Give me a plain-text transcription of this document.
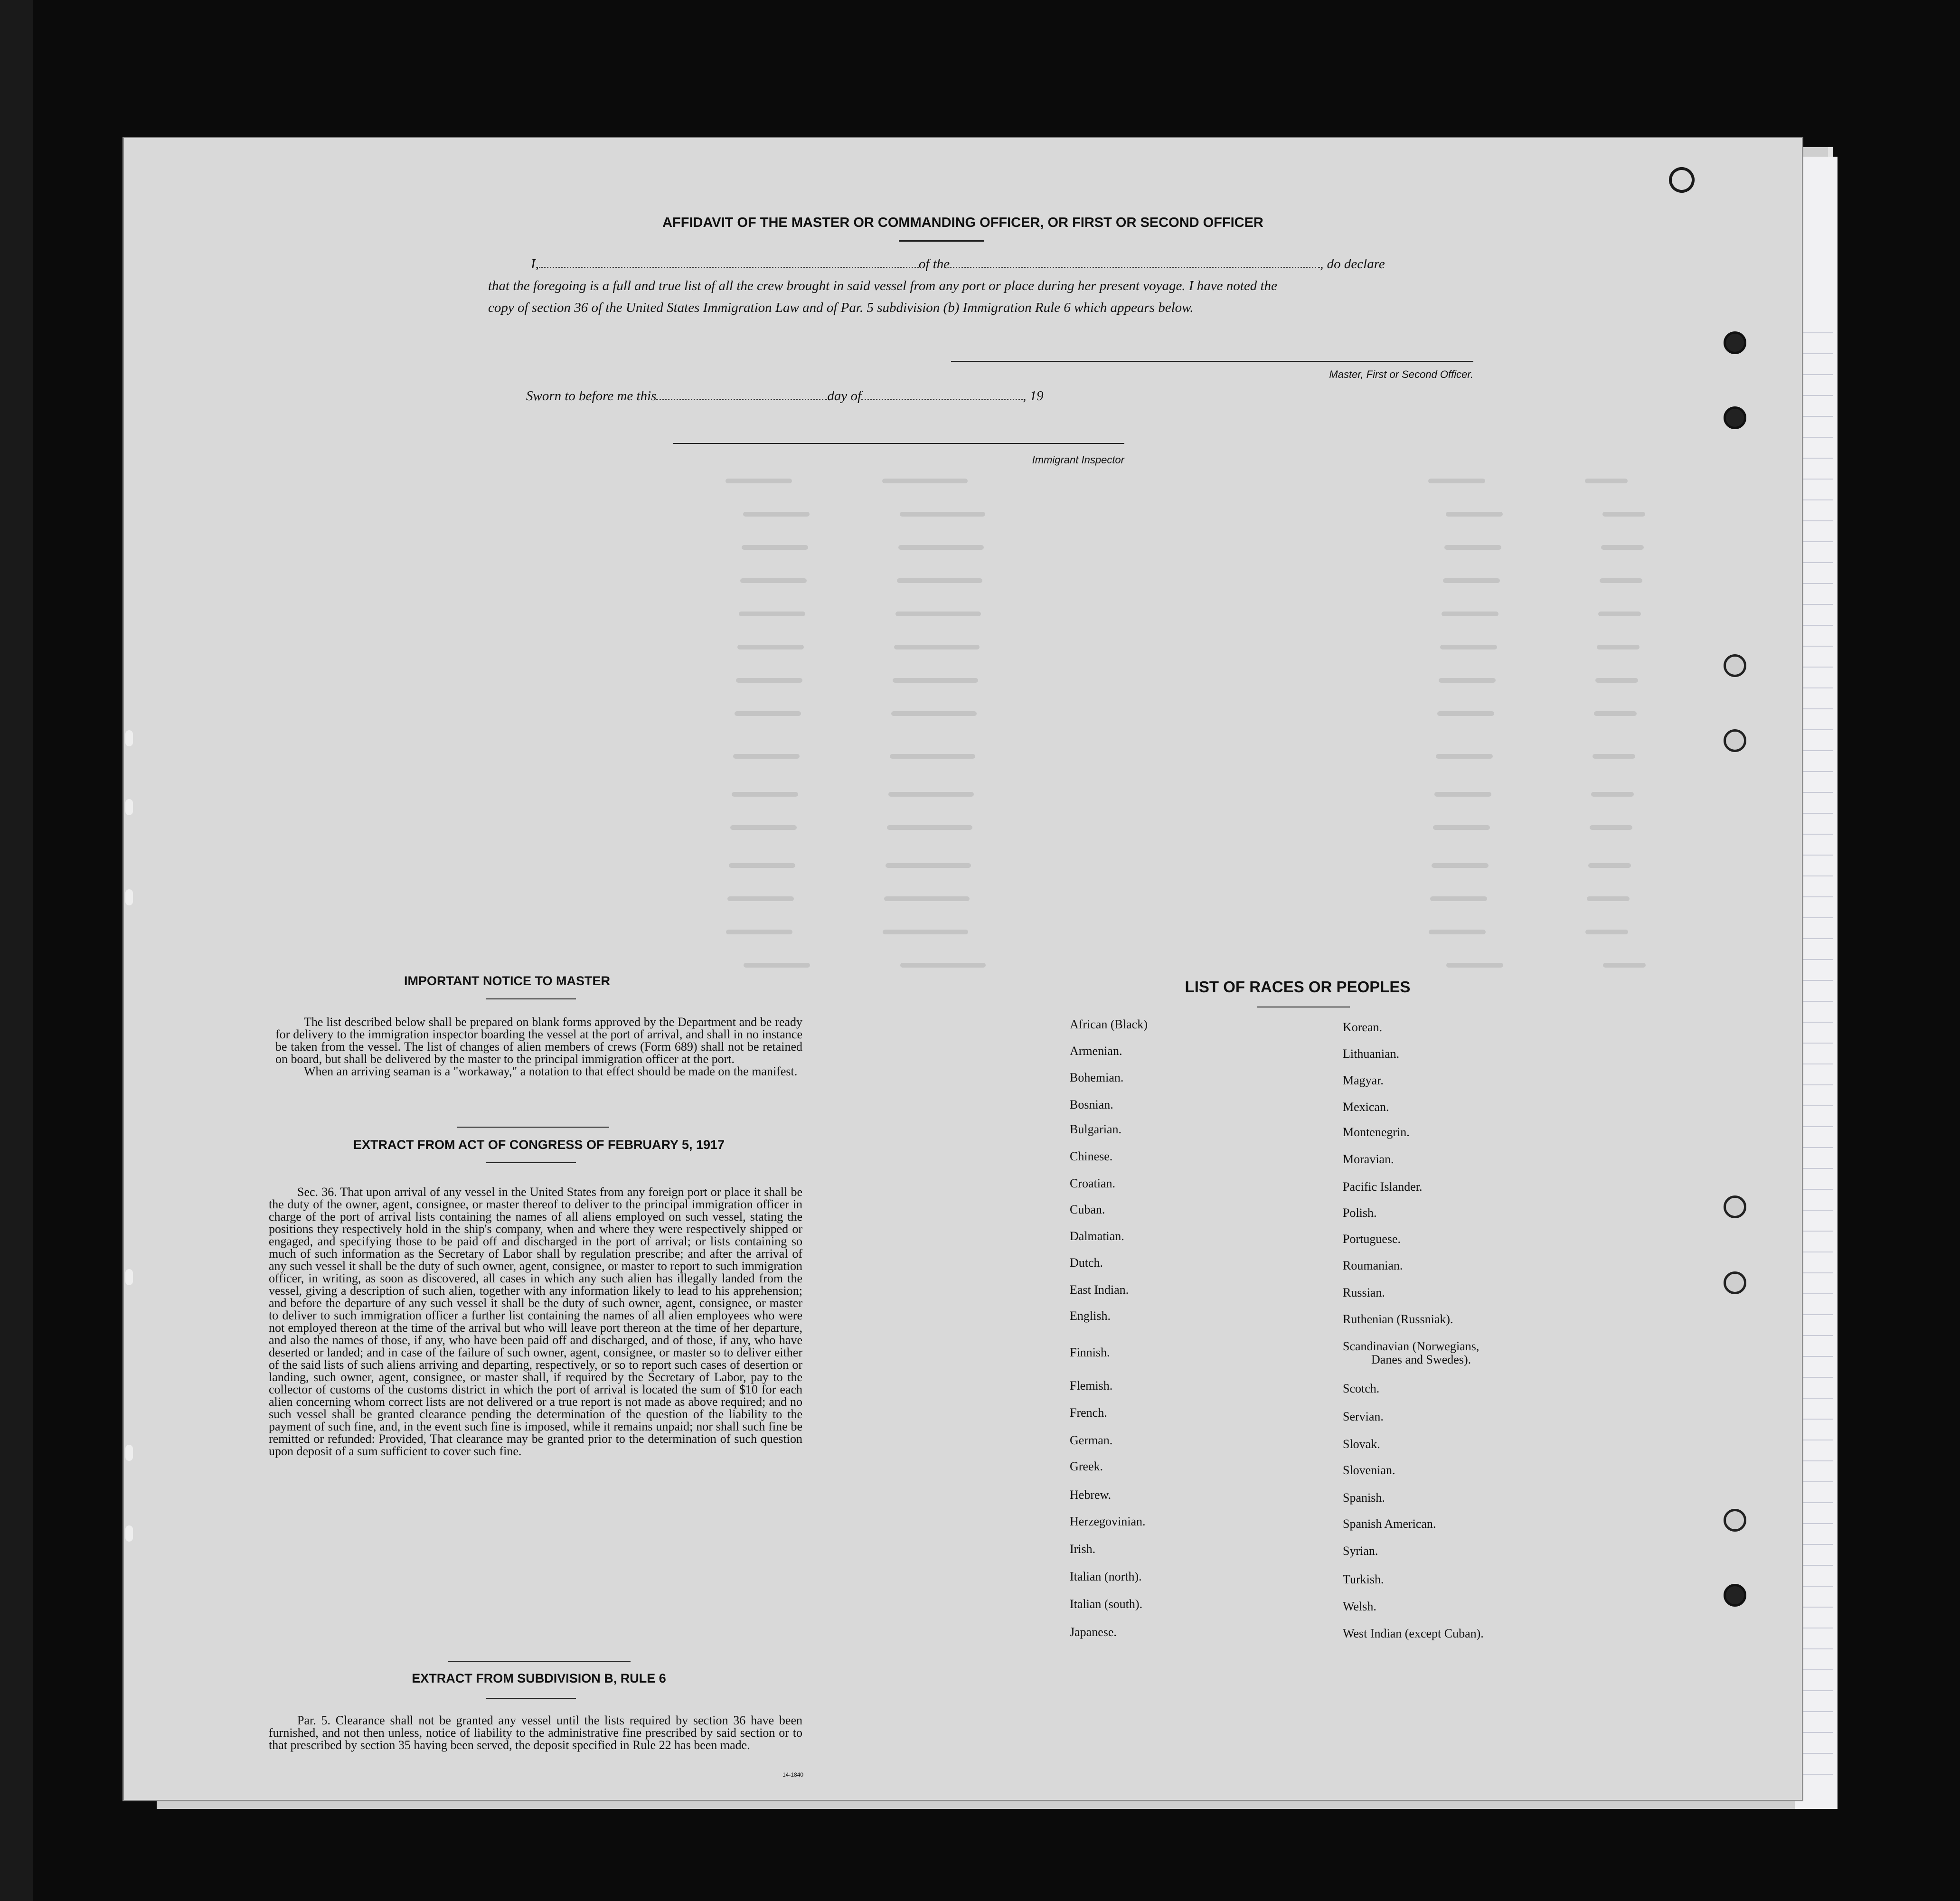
AFFIDAVIT OF THE MASTER OR COMMANDING OFFICER, OR FIRST OR SECOND OFFICER
I,	of the	, do declare
that the foregoing is a full and true list of all the crew brought in said vessel from any port or place during her present voyage. I have noted the
copy of section 36 of the United States Immigration Law and of Par. 5 subdivision (b) Immigration Rule 6 which appears below.
Master, First or Second Officer.
Sworn to before me this	day of	, 19
Immigrant Inspector
IMPORTANT NOTICE TO MASTER

The list described below shall be prepared on blank forms approved by the Department and be ready for delivery to the immigration inspector boarding the vessel at the port of arrival, and shall in no instance be taken from the vessel. The list of changes of alien members of crews (Form 689) shall not be retained on board, but shall be delivered by the master to the principal immigration officer at the port.

When an arriving seaman is a "workaway," a notation to that effect should be made on the manifest.

EXTRACT FROM ACT OF CONGRESS OF FEBRUARY 5, 1917

Sec. 36. That upon arrival of any vessel in the United States from any foreign port or place it shall be the duty of the owner, agent, consignee, or master thereof to deliver to the principal immigration officer in charge of the port of arrival lists containing the names of all aliens employed on such vessel, stating the positions they respectively hold in the ship's company, when and where they were respectively shipped or engaged, and specifying those to be paid off and discharged in the port of arrival; or lists containing so much of such information as the Secretary of Labor shall by regulation prescribe; and after the arrival of any such vessel it shall be the duty of such owner, agent, consignee, or master to report to such immigration officer, in writing, as soon as discovered, all cases in which any such alien has illegally landed from the vessel, giving a description of such alien, together with any information likely to lead to his apprehension; and before the departure of any such vessel it shall be the duty of such owner, agent, consignee, or master to deliver to such immigration officer a further list containing the names of all alien employees who were not employed thereon at the time of the arrival but who will leave port thereon at the time of her departure, and also the names of those, if any, who have been paid off and discharged, and of those, if any, who have deserted or landed; and in case of the failure of such owner, agent, consignee, or master so to deliver either of the said lists of such aliens arriving and departing, respectively, or so to report such cases of desertion or landing, such owner, agent, consignee, or master shall, if required by the Secretary of Labor, pay to the collector of customs of the customs district in which the port of arrival is located the sum of $10 for each alien concerning whom correct lists are not delivered or a true report is not made as above required; and no such vessel shall be granted clearance pending the determination of the question of the liability to the payment of such fine, and, in the event such fine is imposed, while it remains unpaid; nor shall such fine be remitted or refunded: Provided, That clearance may be granted prior to the determination of such question upon deposit of a sum sufficient to cover such fine.

EXTRACT FROM SUBDIVISION B, RULE 6

Par. 5. Clearance shall not be granted any vessel until the lists required by section 36 have been furnished, and not then unless, notice of liability to the administrative fine prescribed by said section or to that prescribed by section 35 having been served, the deposit specified in Rule 22 has been made.

14-1840
LIST OF RACES OR PEOPLES
African (Black)
Armenian.
Bohemian.
Bosnian.
Bulgarian.
Chinese.
Croatian.
Cuban.
Dalmatian.
Dutch.
East Indian.
English.
Finnish.
Flemish.
French.
German.
Greek.
Hebrew.
Herzegovinian.
Irish.
Italian (north).
Italian (south).
Japanese.
Korean.
Lithuanian.
Magyar.
Mexican.
Montenegrin.
Moravian.
Pacific Islander.
Polish.
Portuguese.
Roumanian.
Russian.
Ruthenian (Russniak).
Scandinavian (Norwegians,
Danes and Swedes).
Scotch.
Servian.
Slovak.
Slovenian.
Spanish.
Spanish American.
Syrian.
Turkish.
Welsh.
West Indian (except Cuban).
